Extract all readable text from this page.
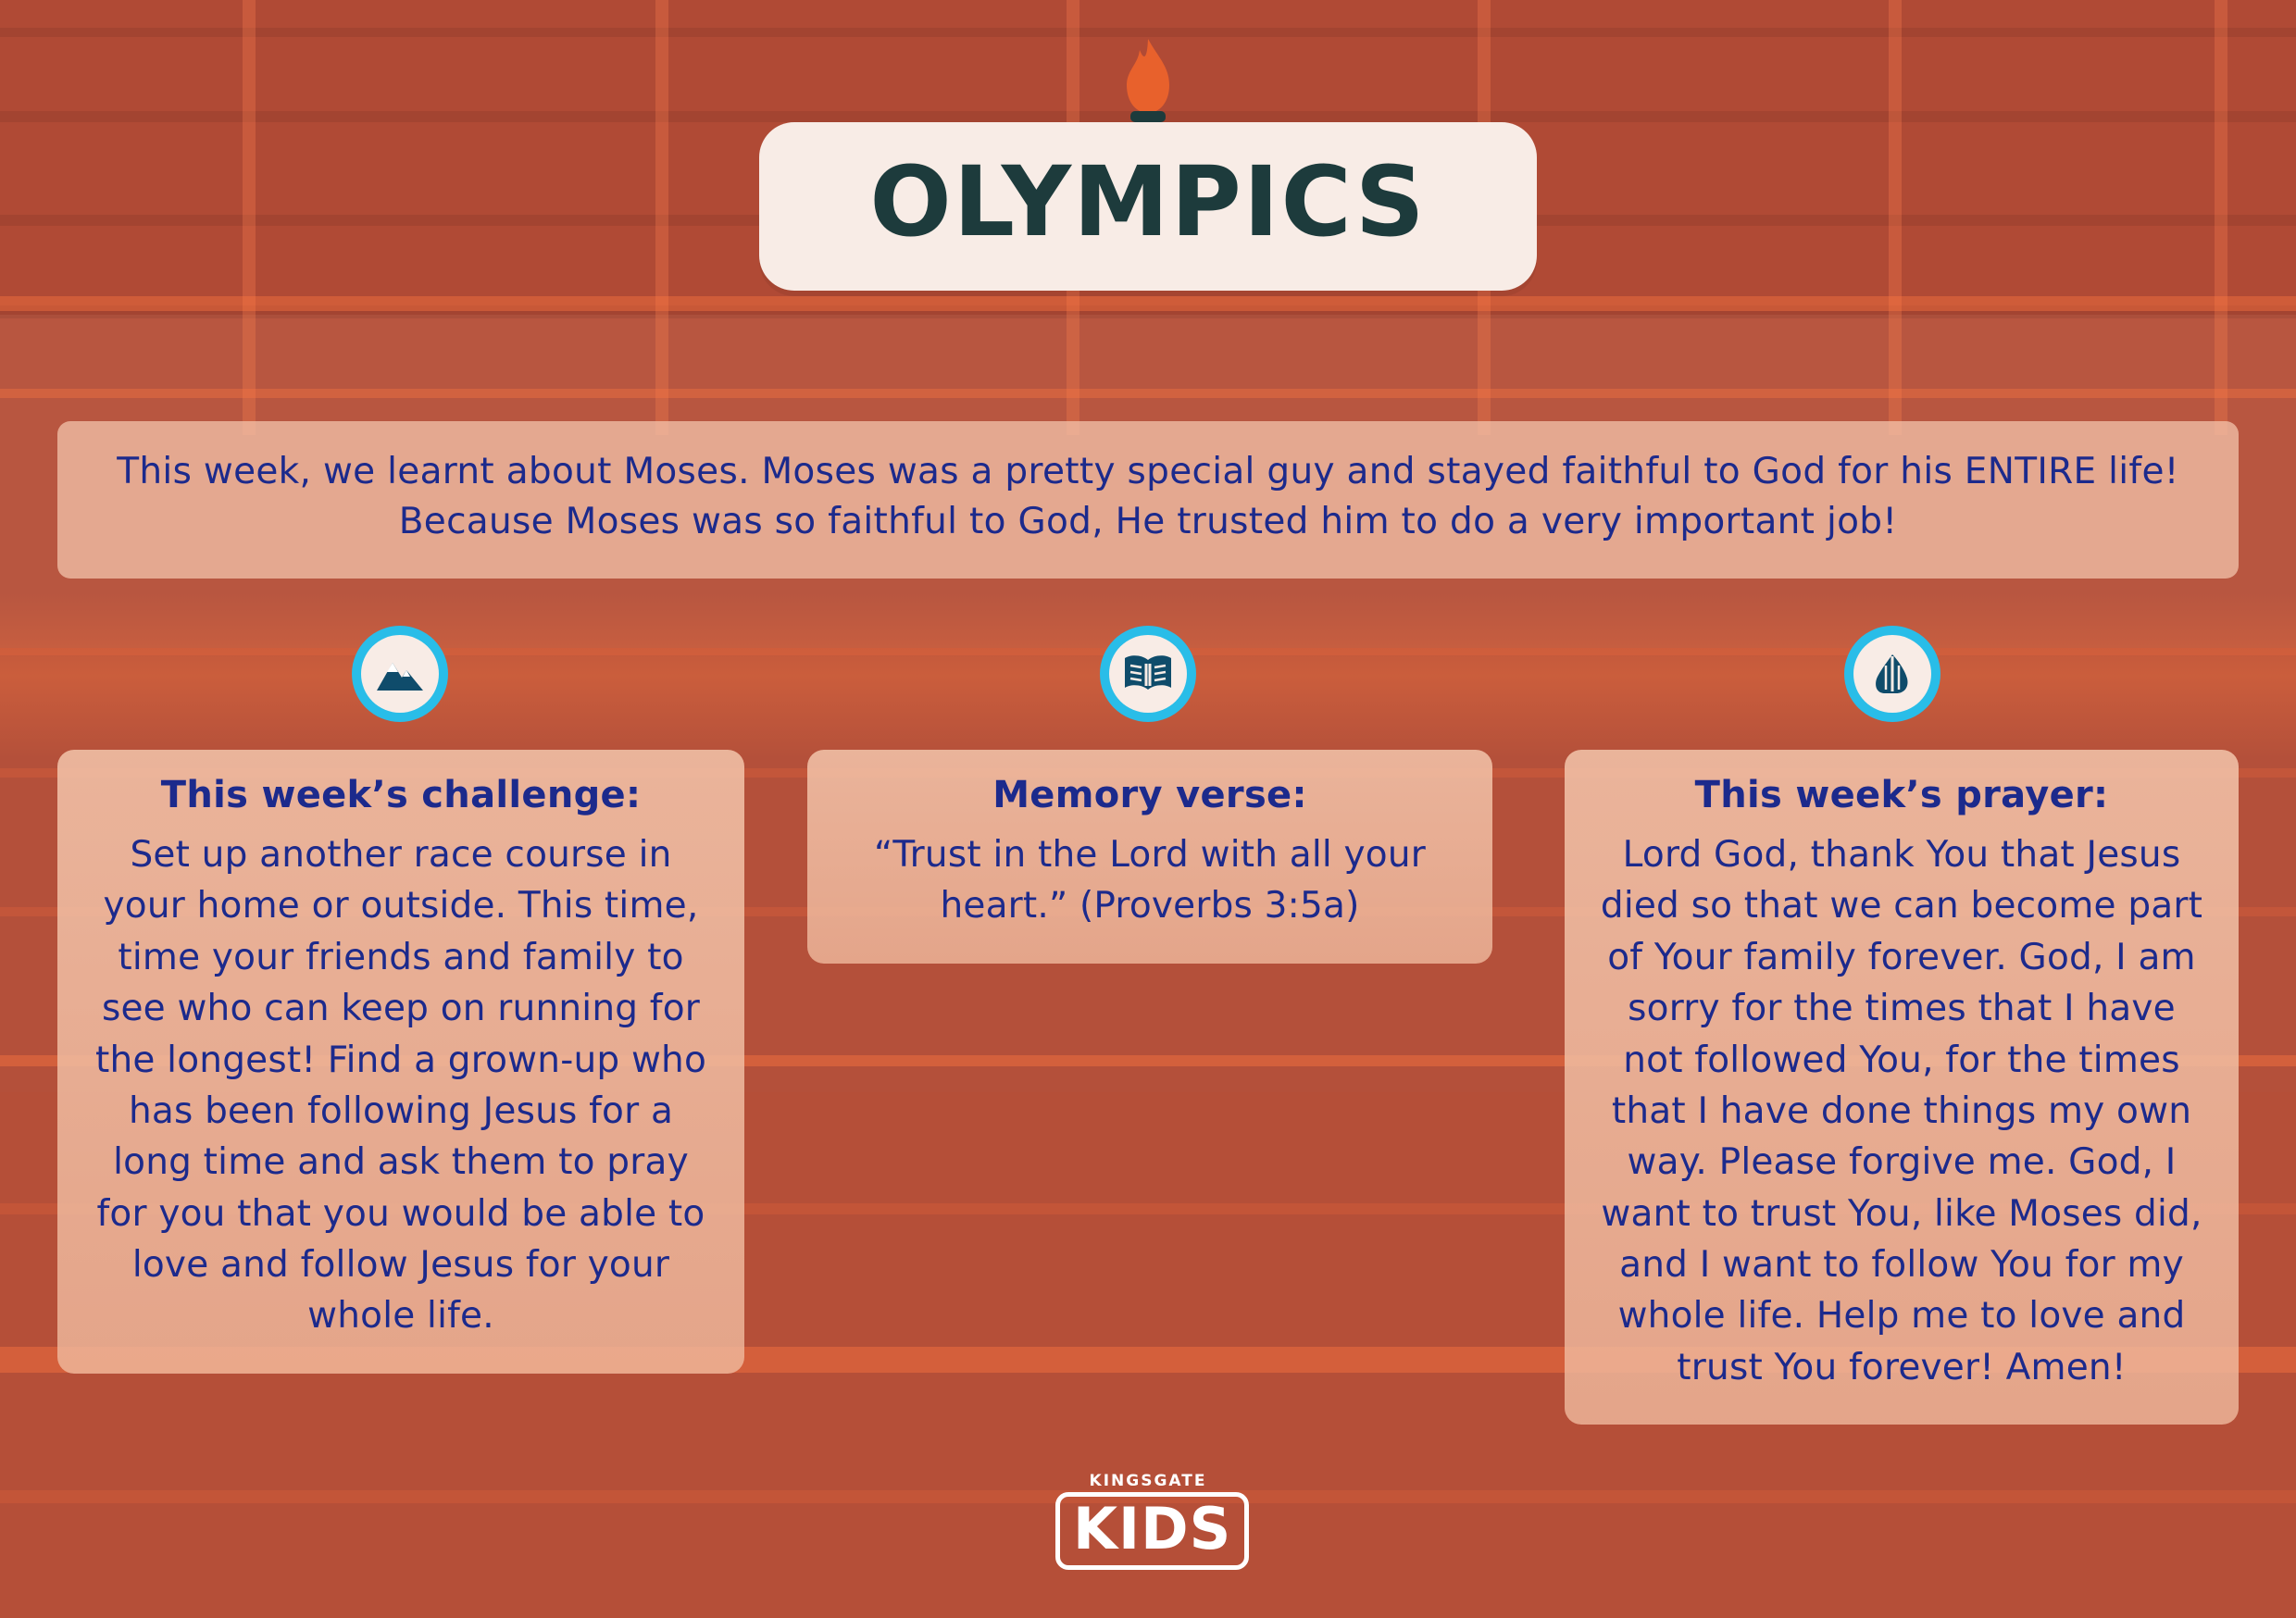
OLYMPICS

This week, we learnt about Moses. Moses was a pretty special guy and stayed faithful to God for his ENTIRE life! Because Moses was so faithful to God, He trusted him to do a very important job!

This week’s challenge:
Set up another race course in your home or outside. This time, time your friends and family to see who can keep on running for the longest! Find a grown-up who has been following Jesus for a long time and ask them to pray for you that you would be able to love and follow Jesus for your whole life.
Memory verse:
“Trust in the Lord with all your heart.” (Proverbs 3:5a)
This week’s prayer:
Lord God, thank You that Jesus died so that we can become part of Your family forever. God, I am sorry for the times that I have not followed You, for the times that I have done things my own way. Please forgive me. God, I want to trust You, like Moses did, and I want to follow You for my whole life. Help me to love and trust You forever! Amen!
KINGSGATE
KIDS
